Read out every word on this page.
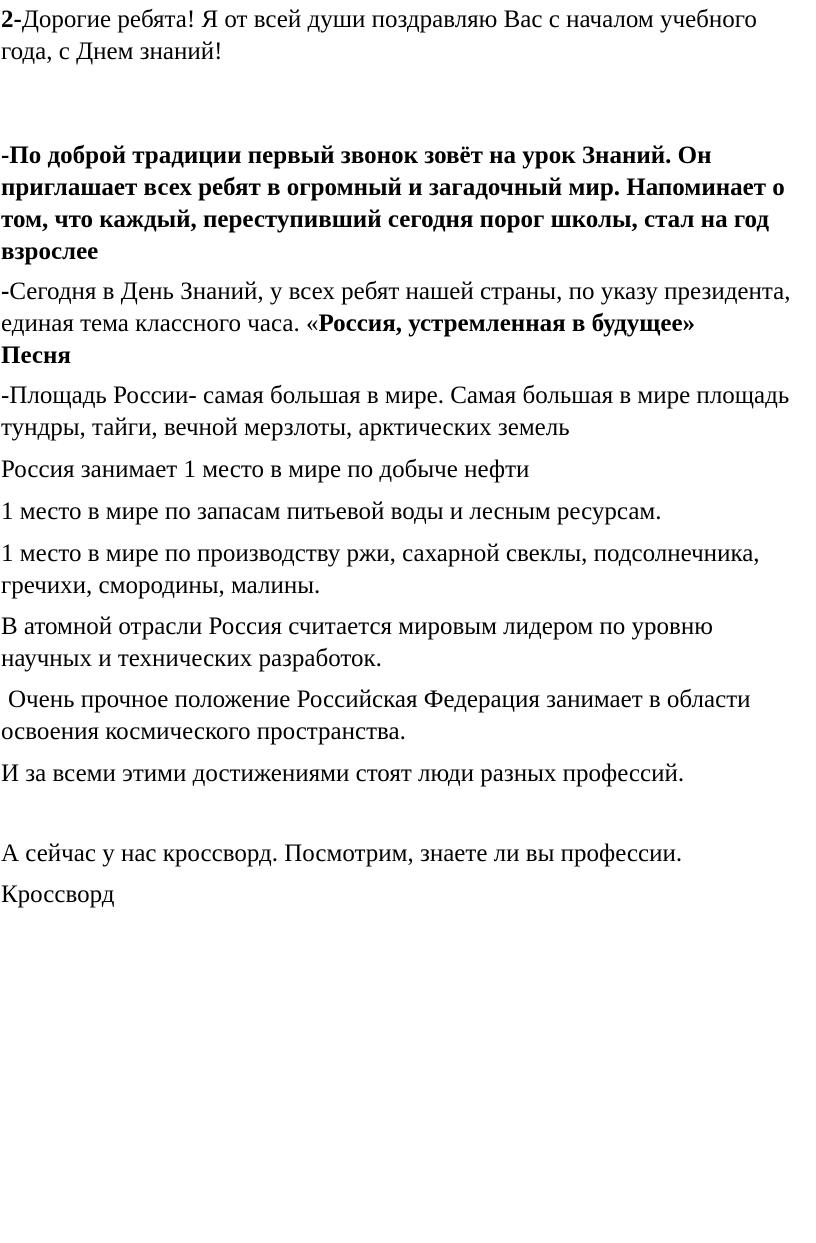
2-Дорогие ребята! Я от всей души поздравляю Вас с началом учебного года, с Днем знаний!

-По доброй традиции первый звонок зовёт на урок Знаний. Он приглашает всех ребят в огромный и загадочный мир. Напоминает о том, что каждый, переступивший сегодня порог школы, стал на год взрослее

-Сегодня в День Знаний, у всех ребят нашей страны, по указу президента, единая тема классного часа. «Россия, устремленная в будущее»Песня

-Площадь России- самая большая в мире. Самая большая в мире площадь тундры, тайги, вечной мерзлоты, арктических земель

Россия занимает 1 место в мире по добыче нефти

1 место в мире по запасам питьевой воды и лесным ресурсам.

1 место в мире по производству ржи, сахарной свеклы, подсолнечника, гречихи, смородины, малины.

В атомной отрасли Россия считается мировым лидером по уровню научных и технических разработок.

Очень прочное положение Российская Федерация занимает в области освоения космического пространства.

И за всеми этими достижениями стоят люди разных профессий.

А сейчас у нас кроссворд. Посмотрим, знаете ли вы профессии.

Кроссворд
